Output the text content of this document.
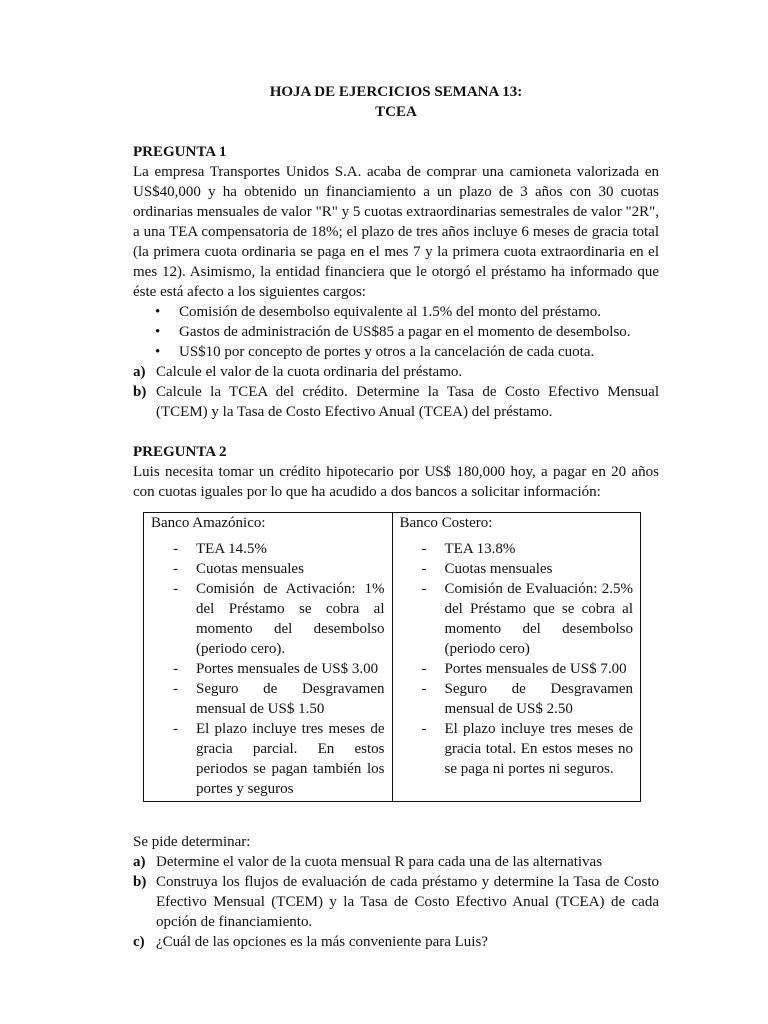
HOJA DE EJERCICIOS SEMANA 13:

TCEA

PREGUNTA 1

La empresa Transportes Unidos S.A. acaba de comprar una camioneta valorizada en US$40,000 y ha obtenido un financiamiento a un plazo de 3 años con 30 cuotas ordinarias mensuales de valor "R" y 5 cuotas extraordinarias semestrales de valor "2R", a una TEA compensatoria de 18%; el plazo de tres años incluye 6 meses de gracia total (la primera cuota ordinaria se paga en el mes 7 y la primera cuota extraordinaria en el mes 12). Asimismo, la entidad financiera que le otorgó el préstamo ha informado que éste está afecto a los siguientes cargos:

• Comisión de desembolso equivalente al 1.5% del monto del préstamo.
• Gastos de administración de US$85 a pagar en el momento de desembolso.
• US$10 por concepto de portes y otros a la cancelación de cada cuota.
a) Calcule el valor de la cuota ordinaria del préstamo.
b) Calcule la TCEA del crédito. Determine la Tasa de Costo Efectivo Mensual (TCEM) y la Tasa de Costo Efectivo Anual (TCEA) del préstamo.

PREGUNTA 2

Luis necesita tomar un crédito hipotecario por US$ 180,000 hoy, a pagar en 20 años con cuotas iguales por lo que ha acudido a dos bancos a solicitar información:

Banco Amazónico:
- TEA 14.5%
- Cuotas mensuales
- Comisión de Activación: 1% del Préstamo se cobra al momento del desembolso (periodo cero).
- Portes mensuales de US$ 3.00
- Seguro de Desgravamen mensual de US$ 1.50
- El plazo incluye tres meses de gracia parcial. En estos periodos se pagan también los portes y seguros

Banco Costero:
- TEA 13.8%
- Cuotas mensuales
- Comisión de Evaluación: 2.5% del Préstamo que se cobra al momento del desembolso (periodo cero)
- Portes mensuales de US$ 7.00
- Seguro de Desgravamen mensual de US$ 2.50
- El plazo incluye tres meses de gracia total. En estos meses no se paga ni portes ni seguros.

Se pide determinar:

a) Determine el valor de la cuota mensual R para cada una de las alternativas
b) Construya los flujos de evaluación de cada préstamo y determine la Tasa de Costo Efectivo Mensual (TCEM) y la Tasa de Costo Efectivo Anual (TCEA) de cada opción de financiamiento.
c) ¿Cuál de las opciones es la más conveniente para Luis?
